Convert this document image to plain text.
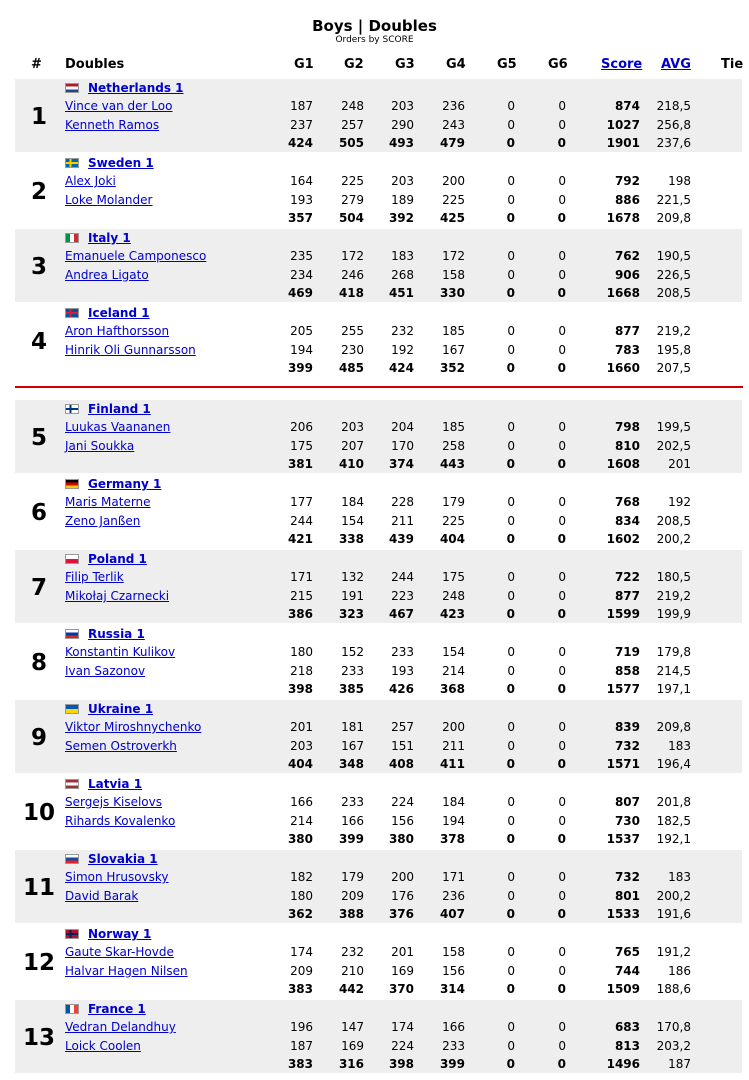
Boys | Doubles
Orders by SCORE
# Doubles	G1 G2 G3 G4 G5 G6	Score AVG Tie
1
Netherlands 1
Vince van der Loo	187	248	203	236	0	0	874 218,5
Kenneth Ramos	237	257	290	243	0	0	1027 256,8
424	505	493	479	0	0	1901 237,6
2
Sweden 1
Alex Joki	164	225	203	200	0	0	792	198
Loke Molander	193	279	189	225	0	0	886 221,5
357	504	392	425	0	0	1678 209,8
3
Italy 1
Emanuele Camponesco	235	172	183	172	0	0	762 190,5
Andrea Ligato	234	246	268	158	0	0	906 226,5
469	418	451	330	0	0	1668 208,5
4
Iceland 1
Aron Hafthorsson	205	255	232	185	0	0	877 219,2
Hinrik Oli Gunnarsson	194	230	192	167	0	0	783 195,8
399	485	424	352	0	0	1660 207,5
5
Finland 1
Luukas Vaananen	206	203	204	185	0	0	798 199,5
Jani Soukka	175	207	170	258	0	0	810 202,5
381	410	374	443	0	0	1608	201
6
Germany 1
Maris Materne	177	184	228	179	0	0	768	192
Zeno Janßen	244	154	211	225	0	0	834 208,5
421	338	439	404	0	0	1602 200,2
7
Poland 1
Filip Terlik	171	132	244	175	0	0	722 180,5
Mikołaj Czarnecki	215	191	223	248	0	0	877 219,2
386	323	467	423	0	0	1599 199,9
8
Russia 1
Konstantin Kulikov	180	152	233	154	0	0	719 179,8
Ivan Sazonov	218	233	193	214	0	0	858 214,5
398	385	426	368	0	0	1577 197,1
9
Ukraine 1
Viktor Miroshnychenko	201	181	257	200	0	0	839 209,8
Semen Ostroverkh	203	167	151	211	0	0	732	183
404	348	408	411	0	0	1571 196,4
10
Latvia 1
Sergejs Kiselovs	166	233	224	184	0	0	807 201,8
Rihards Kovalenko	214	166	156	194	0	0	730 182,5
380	399	380	378	0	0	1537 192,1
11
Slovakia 1
Simon Hrusovsky	182	179	200	171	0	0	732	183
David Barak	180	209	176	236	0	0	801 200,2
362	388	376	407	0	0	1533 191,6
12
Norway 1
Gaute Skar-Hovde	174	232	201	158	0	0	765 191,2
Halvar Hagen Nilsen	209	210	169	156	0	0	744	186
383	442	370	314	0	0	1509 188,6
13
France 1
Vedran Delandhuy	196	147	174	166	0	0	683 170,8
Loick Coolen	187	169	224	233	0	0	813 203,2
383	316	398	399	0	0	1496	187
